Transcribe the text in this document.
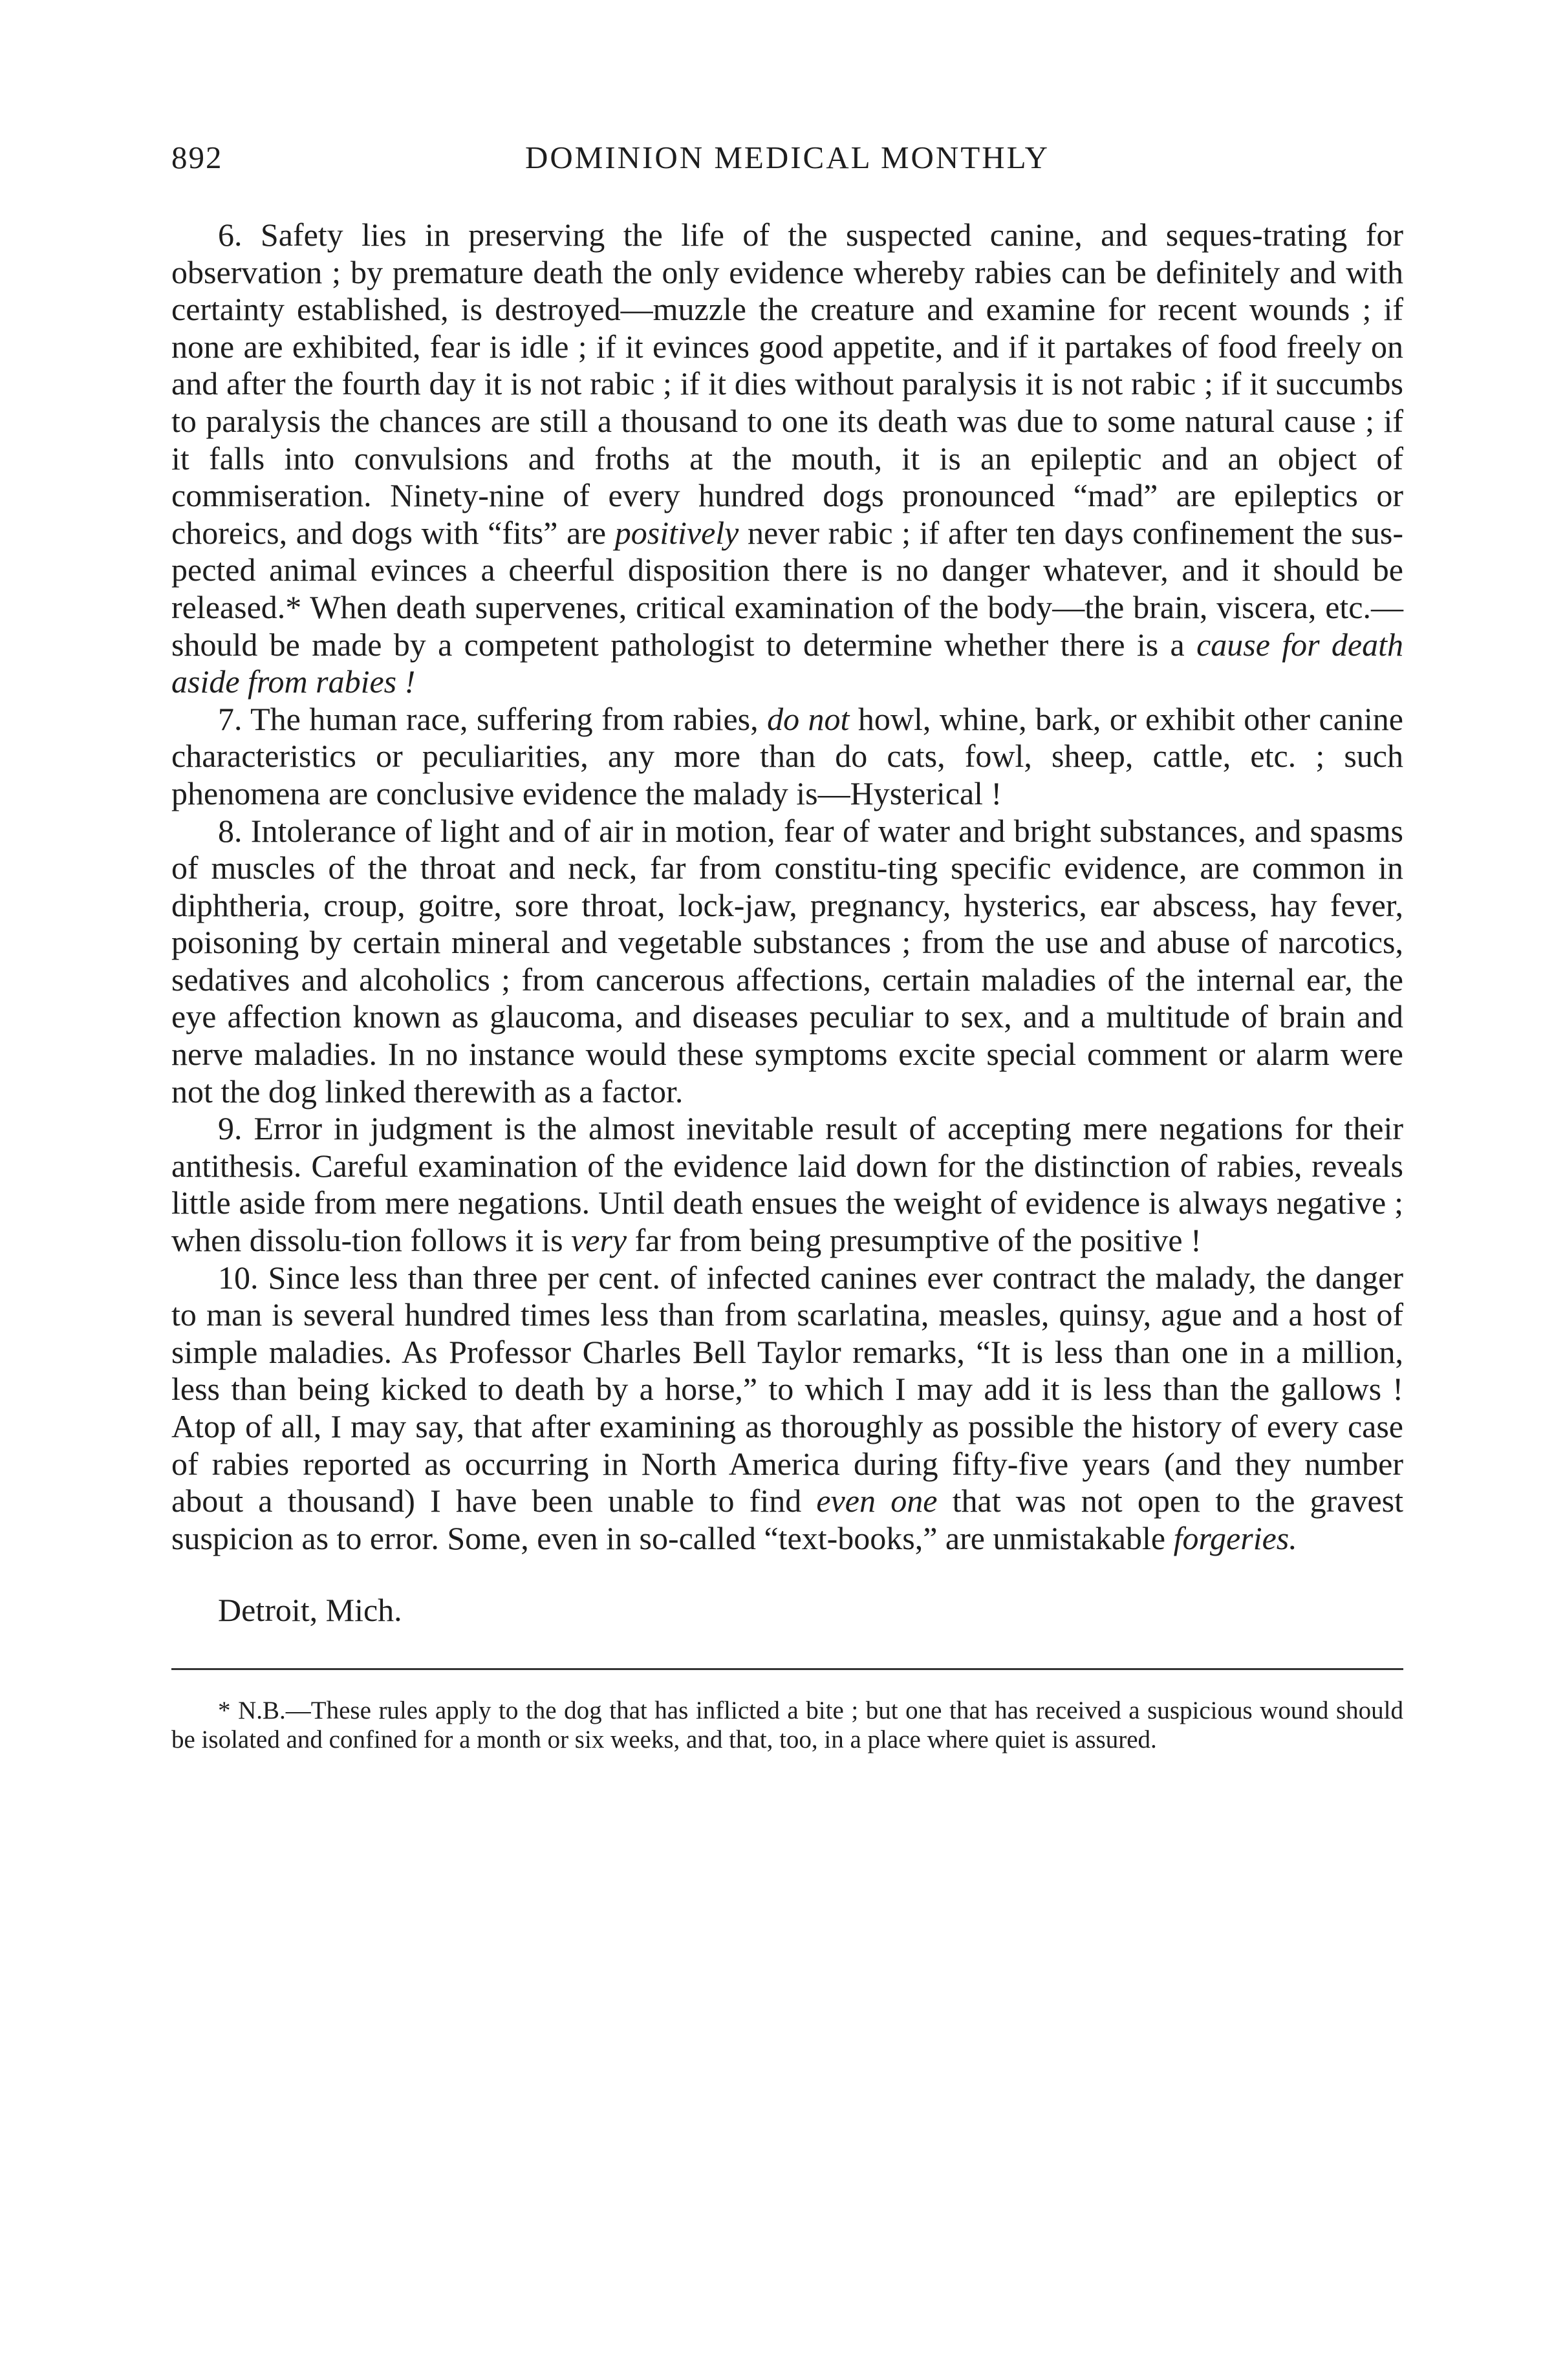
892	DOMINION MEDICAL MONTHLY

6. Safety lies in preserving the life of the suspected canine, and seques-trating for observation ; by premature death the only evidence whereby rabies can be definitely and with certainty established, is destroyed—muzzle the creature and examine for recent wounds ; if none are exhibited, fear is idle ; if it evinces good appetite, and if it partakes of food freely on and after the fourth day it is not rabic ; if it dies without paralysis it is not rabic ; if it succumbs to paralysis the chances are still a thousand to one its death was due to some natural cause ; if it falls into convulsions and froths at the mouth, it is an epileptic and an object of commiseration. Ninety-nine of every hundred dogs pronounced “mad” are epileptics or choreics, and dogs with “fits” are positively never rabic ; if after ten days confinement the sus-pected animal evinces a cheerful disposition there is no danger whatever, and it should be released.* When death supervenes, critical examination of the body—the brain, viscera, etc.—should be made by a competent pathologist to determine whether there is a cause for death aside from rabies !

7. The human race, suffering from rabies, do not howl, whine, bark, or exhibit other canine characteristics or peculiarities, any more than do cats, fowl, sheep, cattle, etc. ; such phenomena are conclusive evidence the malady is—Hysterical !

8. Intolerance of light and of air in motion, fear of water and bright substances, and spasms of muscles of the throat and neck, far from constitu-ting specific evidence, are common in diphtheria, croup, goitre, sore throat, lock-jaw, pregnancy, hysterics, ear abscess, hay fever, poisoning by certain mineral and vegetable substances ; from the use and abuse of narcotics, sedatives and alcoholics ; from cancerous affections, certain maladies of the internal ear, the eye affection known as glaucoma, and diseases peculiar to sex, and a multitude of brain and nerve maladies. In no instance would these symptoms excite special comment or alarm were not the dog linked therewith as a factor.

9. Error in judgment is the almost inevitable result of accepting mere negations for their antithesis. Careful examination of the evidence laid down for the distinction of rabies, reveals little aside from mere negations. Until death ensues the weight of evidence is always negative ; when dissolu-tion follows it is very far from being presumptive of the positive !

10. Since less than three per cent. of infected canines ever contract the malady, the danger to man is several hundred times less than from scarlatina, measles, quinsy, ague and a host of simple maladies. As Professor Charles Bell Taylor remarks, “It is less than one in a million, less than being kicked to death by a horse,” to which I may add it is less than the gallows ! Atop of all, I may say, that after examining as thoroughly as possible the history of every case of rabies reported as occurring in North America during fifty-five years (and they number about a thousand) I have been unable to find even one that was not open to the gravest suspicion as to error. Some, even in so-called “text-books,” are unmistakable forgeries.

Detroit, Mich.
* N.B.—These rules apply to the dog that has inflicted a bite ; but one that has received a suspicious wound should be isolated and confined for a month or six weeks, and that, too, in a place where quiet is assured.
